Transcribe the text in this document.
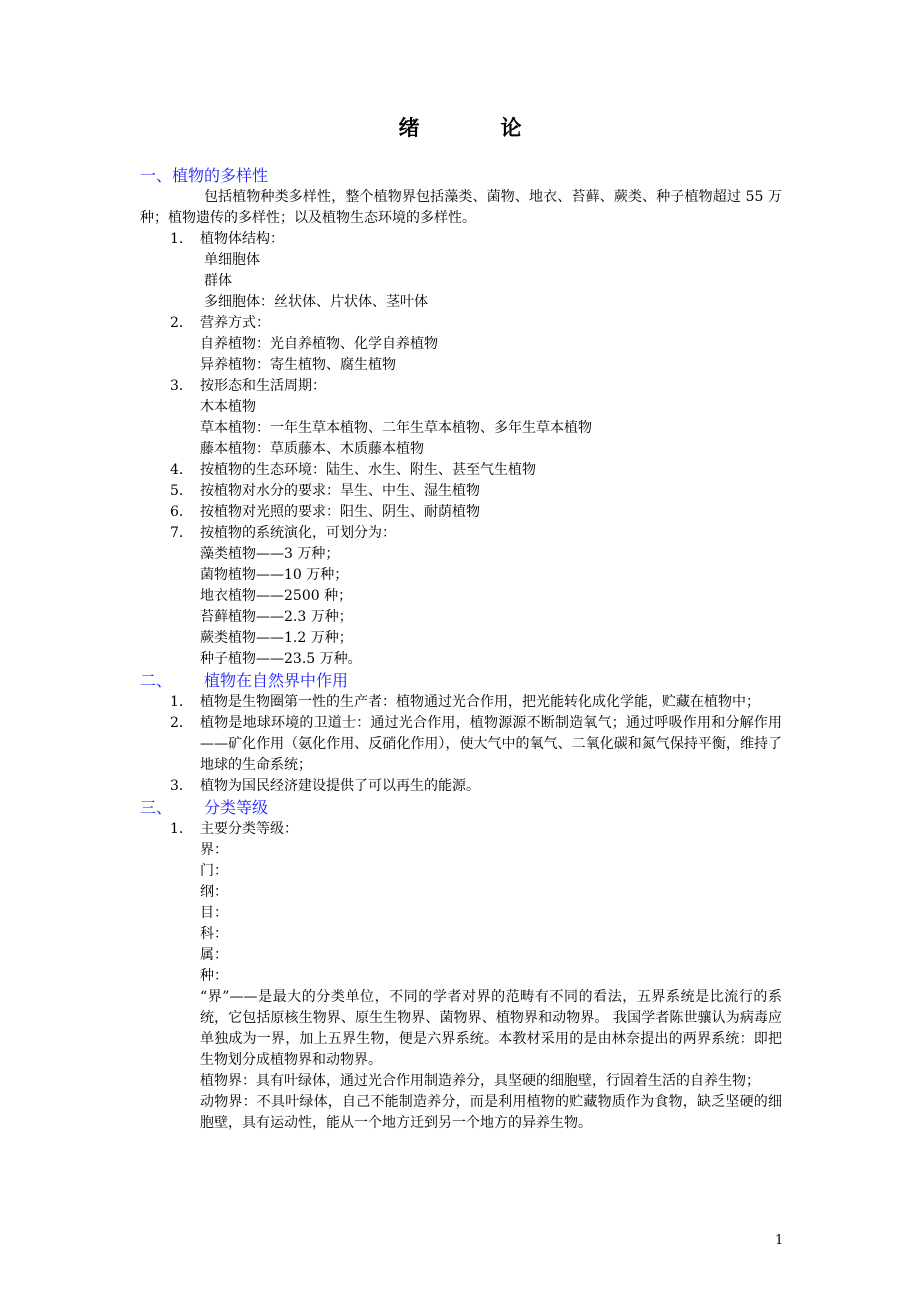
绪　论
一、植物的多样性

包括植物种类多样性，整个植物界包括藻类、菌物、地衣、苔藓、蕨类、种子植物超过 55 万种；植物遗传的多样性；以及植物生态环境的多样性。

1． 植物体结构：
单细胞体
群体
多细胞体：丝状体、片状体、茎叶体
2． 营养方式：
自养植物：光自养植物、化学自养植物
异养植物：寄生植物、腐生植物
3． 按形态和生活周期：
木本植物
草本植物：一年生草本植物、二年生草本植物、多年生草本植物
藤本植物：草质藤本、木质藤本植物
4． 按植物的生态环境：陆生、水生、附生、甚至气生植物
5． 按植物对水分的要求：旱生、中生、湿生植物
6． 按植物对光照的要求：阳生、阴生、耐荫植物
7． 按植物的系统演化，可划分为：
藻类植物——3 万种；
菌物植物——10 万种；
地衣植物——2500 种；
苔藓植物——2.3 万种；
蕨类植物——1.2 万种；
种子植物——23.5 万种。
二、 植物在自然界中作用
1． 植物是生物圈第一性的生产者：植物通过光合作用，把光能转化成化学能，贮藏在植物中；
2． 植物是地球环境的卫道士：通过光合作用，植物源源不断制造氧气；通过呼吸作用和分解作用——矿化作用（氨化作用、反硝化作用），使大气中的氧气、二氧化碳和氮气保持平衡，维持了地球的生命系统；
3． 植物为国民经济建设提供了可以再生的能源。
三、 分类等级
1． 主要分类等级：
界：
门：
纲：
目：
科：
属：
种：
“界”——是最大的分类单位，不同的学者对界的范畴有不同的看法，五界系统是比流行的系统，它包括原核生物界、原生生物界、菌物界、植物界和动物界。 我国学者陈世骧认为病毒应单独成为一界，加上五界生物，便是六界系统。本教材采用的是由林奈提出的两界系统：即把生物划分成植物界和动物界。
植物界：具有叶绿体，通过光合作用制造养分，具坚硬的细胞壁，行固着生活的自养生物；
动物界：不具叶绿体，自己不能制造养分，而是利用植物的贮藏物质作为食物，缺乏坚硬的细胞壁，具有运动性，能从一个地方迁到另一个地方的异养生物。
1
